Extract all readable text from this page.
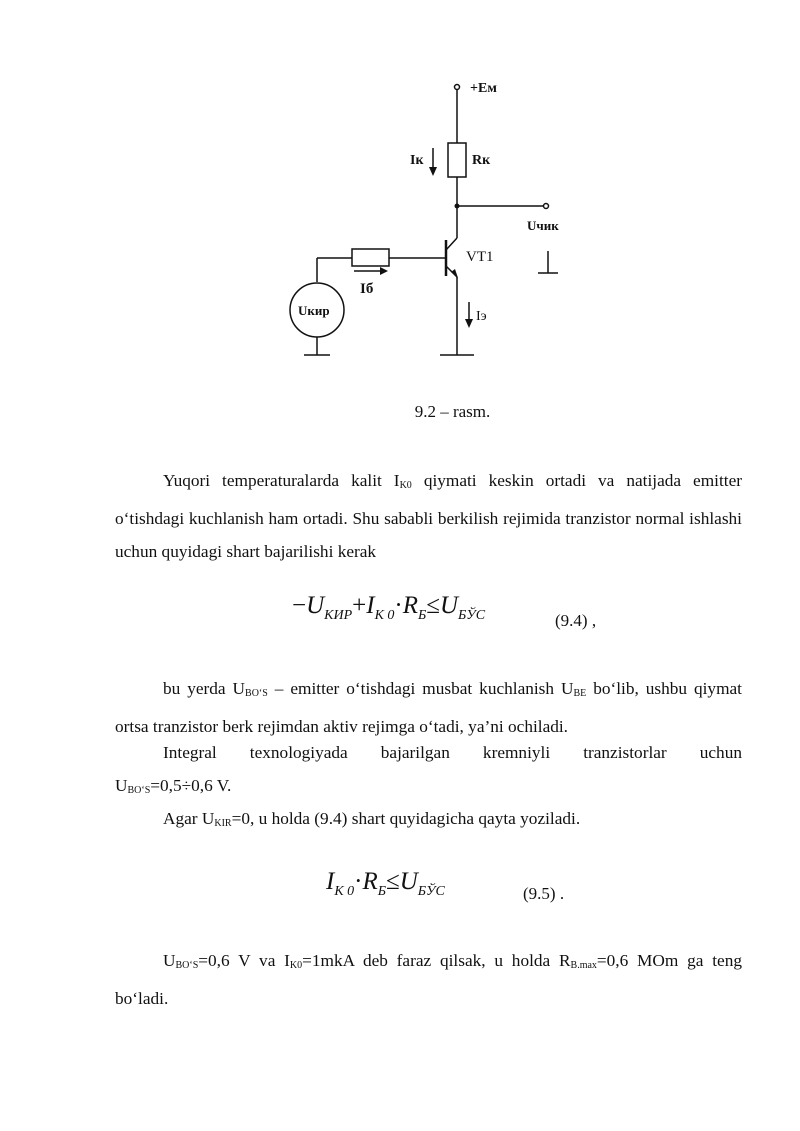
+Eм
Iк	Rк
Uчик
VT1
Iб
Iэ
Uкир
9.2 – rasm.
Yuqori temperaturalarda kalit $I_{K0}$ qiymati keskin ortadi va natijada emitter o‘tishdagi kuchlanish ham ortadi. Shu sababli berkilish rejimida tranzistor normal ishlashi uchun quyidagi shart bajarilishi kerak
−UКИР+IК 0·RБ≤UБЎС	(9.4) ,
bu yerda $U_{BO‘S}$ – emitter o‘tishdagi musbat kuchlanish $U_{BE}$ bo‘lib, ushbu qiymat ortsa tranzistor berk rejimdan aktiv rejimga o‘tadi, ya’ni ochiladi.
Integral texnologiyada bajarilgan kremniyli tranzistorlar uchun
$U_{BO‘S}=0,5\div 0,6$ V.
Agar $U_{KIR}=0$, u holda (9.4) shart quyidagicha qayta yoziladi.
IК 0·RБ≤UБЎС	(9.5) .
$U_{BO‘S}=0,6$ V va $I_{K0}=1mkA$ deb faraz qilsak, u holda $R_{B.max}=0,6$ MOm ga teng bo‘ladi.
